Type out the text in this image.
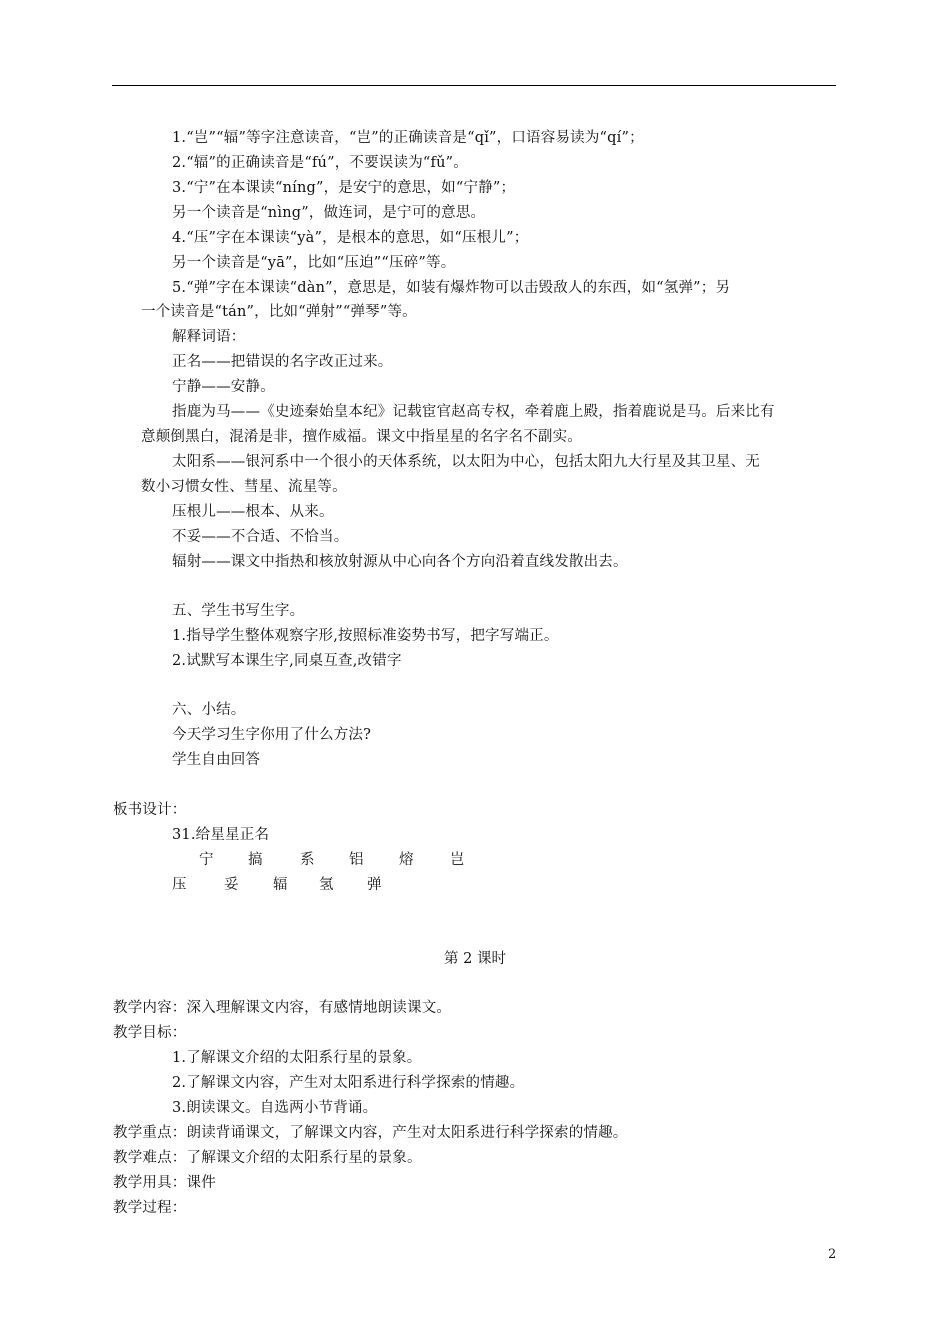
1.“岂”“辐”等字注意读音，“岂”的正确读音是“qǐ”，口语容易读为“qí”；
2.“辐”的正确读音是“fú”，不要误读为“fǔ”。
3.“宁”在本课读“níng”，是安宁的意思，如“宁静”；
另一个读音是“nìng”，做连词，是宁可的意思。
4.“压”字在本课读“yà”，是根本的意思，如“压根儿”；
另一个读音是“yā”，比如“压迫”“压碎”等。
5.“弹”字在本课读“dàn”，意思是，如装有爆炸物可以击毁敌人的东西，如“氢弹”；另
一个读音是“tán”，比如“弹射”“弹琴”等。
解释词语：
正名——把错误的名字改正过来。
宁静——安静。
指鹿为马——《史迹秦始皇本纪》记载宦官赵高专权，牵着鹿上殿，指着鹿说是马。后来比有
意颠倒黑白，混淆是非，擅作威福。课文中指星星的名字名不副实。
太阳系——银河系中一个很小的天体系统，以太阳为中心，包括太阳九大行星及其卫星、无
数小习惯女性、彗星、流星等。
压根儿——根本、从来。
不妥——不合适、不恰当。
辐射——课文中指热和核放射源从中心向各个方向沿着直线发散出去。
五、学生书写生字。
1.指导学生整体观察字形,按照标准姿势书写，把字写端正。
2.试默写本课生字,同桌互查,改错字
六、小结。
今天学习生字你用了什么方法?
学生自由回答
板书设计：
31.给星星正名
宁 搞	系 铝 熔	岂
压	妥 辐 氢 弹
第 2 课时
教学内容：深入理解课文内容，有感情地朗读课文。
教学目标：
1.了解课文介绍的太阳系行星的景象。
2.了解课文内容，产生对太阳系进行科学探索的情趣。
3.朗读课文。自选两小节背诵。
教学重点：朗读背诵课文，了解课文内容，产生对太阳系进行科学探索的情趣。
教学难点：了解课文介绍的太阳系行星的景象。
教学用具：课件
教学过程：
2
